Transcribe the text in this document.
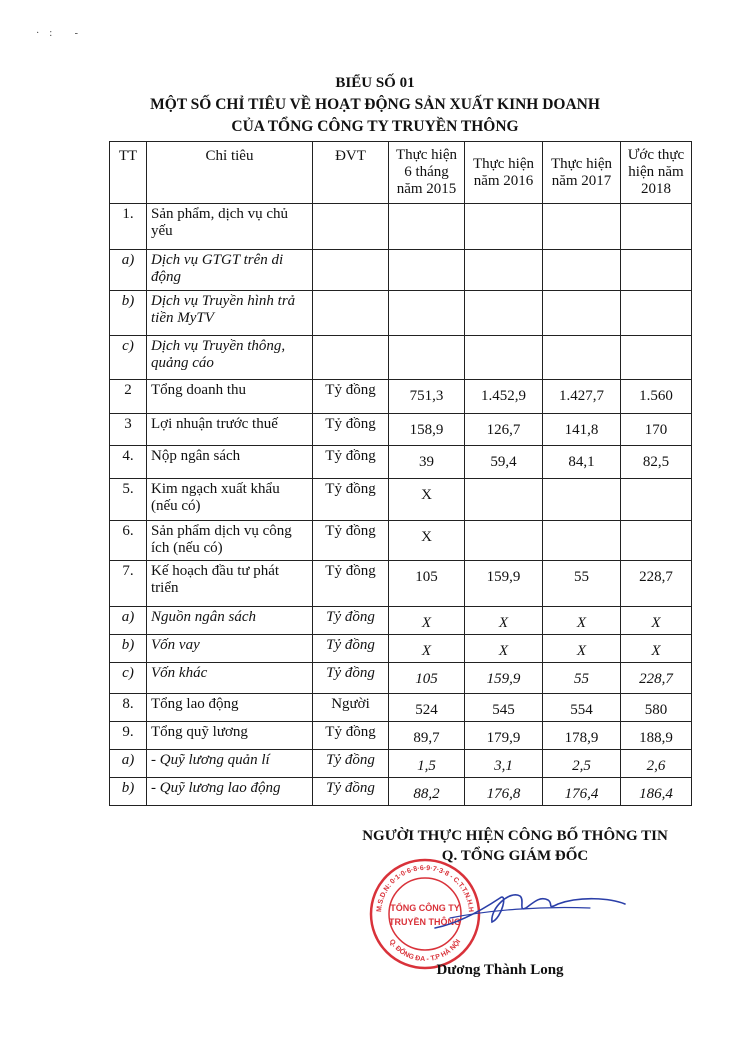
·: -
BIỂU SỐ 01
MỘT SỐ CHỈ TIÊU VỀ HOẠT ĐỘNG SẢN XUẤT KINH DOANH
CỦA TỔNG CÔNG TY TRUYỀN THÔNG
TT	Chỉ tiêu	ĐVT	Thực hiện 6 tháng năm 2015	Thực hiện năm 2016	Thực hiện năm 2017	Ước thực hiện năm 2018
1.	Sản phẩm, dịch vụ chủ yếu					
a)	Dịch vụ GTGT trên di động					
b)	Dịch vụ Truyền hình trả tiền MyTV					
c)	Dịch vụ Truyền thông, quảng cáo					
2	Tổng doanh thu	Tỷ đồng	751,3	1.452,9	1.427,7	1.560
3	Lợi nhuận trước thuế	Tỷ đồng	158,9	126,7	141,8	170
4.	Nộp ngân sách	Tỷ đồng	39	59,4	84,1	82,5
5.	Kim ngạch xuất khẩu (nếu có)	Tỷ đồng	X			
6.	Sản phẩm dịch vụ công ích (nếu có)	Tỷ đồng	X			
7.	Kế hoạch đầu tư phát triển	Tỷ đồng	105	159,9	55	228,7
a)	Nguồn ngân sách	Tỷ đồng	X	X	X	X
b)	Vốn vay	Tỷ đồng	X	X	X	X
c)	Vốn khác	Tỷ đồng	105	159,9	55	228,7
8.	Tổng lao động	Người	524	545	554	580
9.	Tổng quỹ lương	Tỷ đồng	89,7	179,9	178,9	188,9
a)	- Quỹ lương quản lí	Tỷ đồng	1,5	3,1	2,5	2,6
b)	- Quỹ lương lao động	Tỷ đồng	88,2	176,8	176,4	186,4
NGƯỜI THỰC HIỆN CÔNG BỐ THÔNG TIN
Q. TỔNG GIÁM ĐỐC
M.S.D.N: 0·1·0·6·8·6·9·7·3·8 - C.T.T.N.H.H
Q. ĐỐNG ĐA - T.P HÀ NỘI
TỔNG CÔNG TY
TRUYỀN THÔNG
Dương Thành Long
